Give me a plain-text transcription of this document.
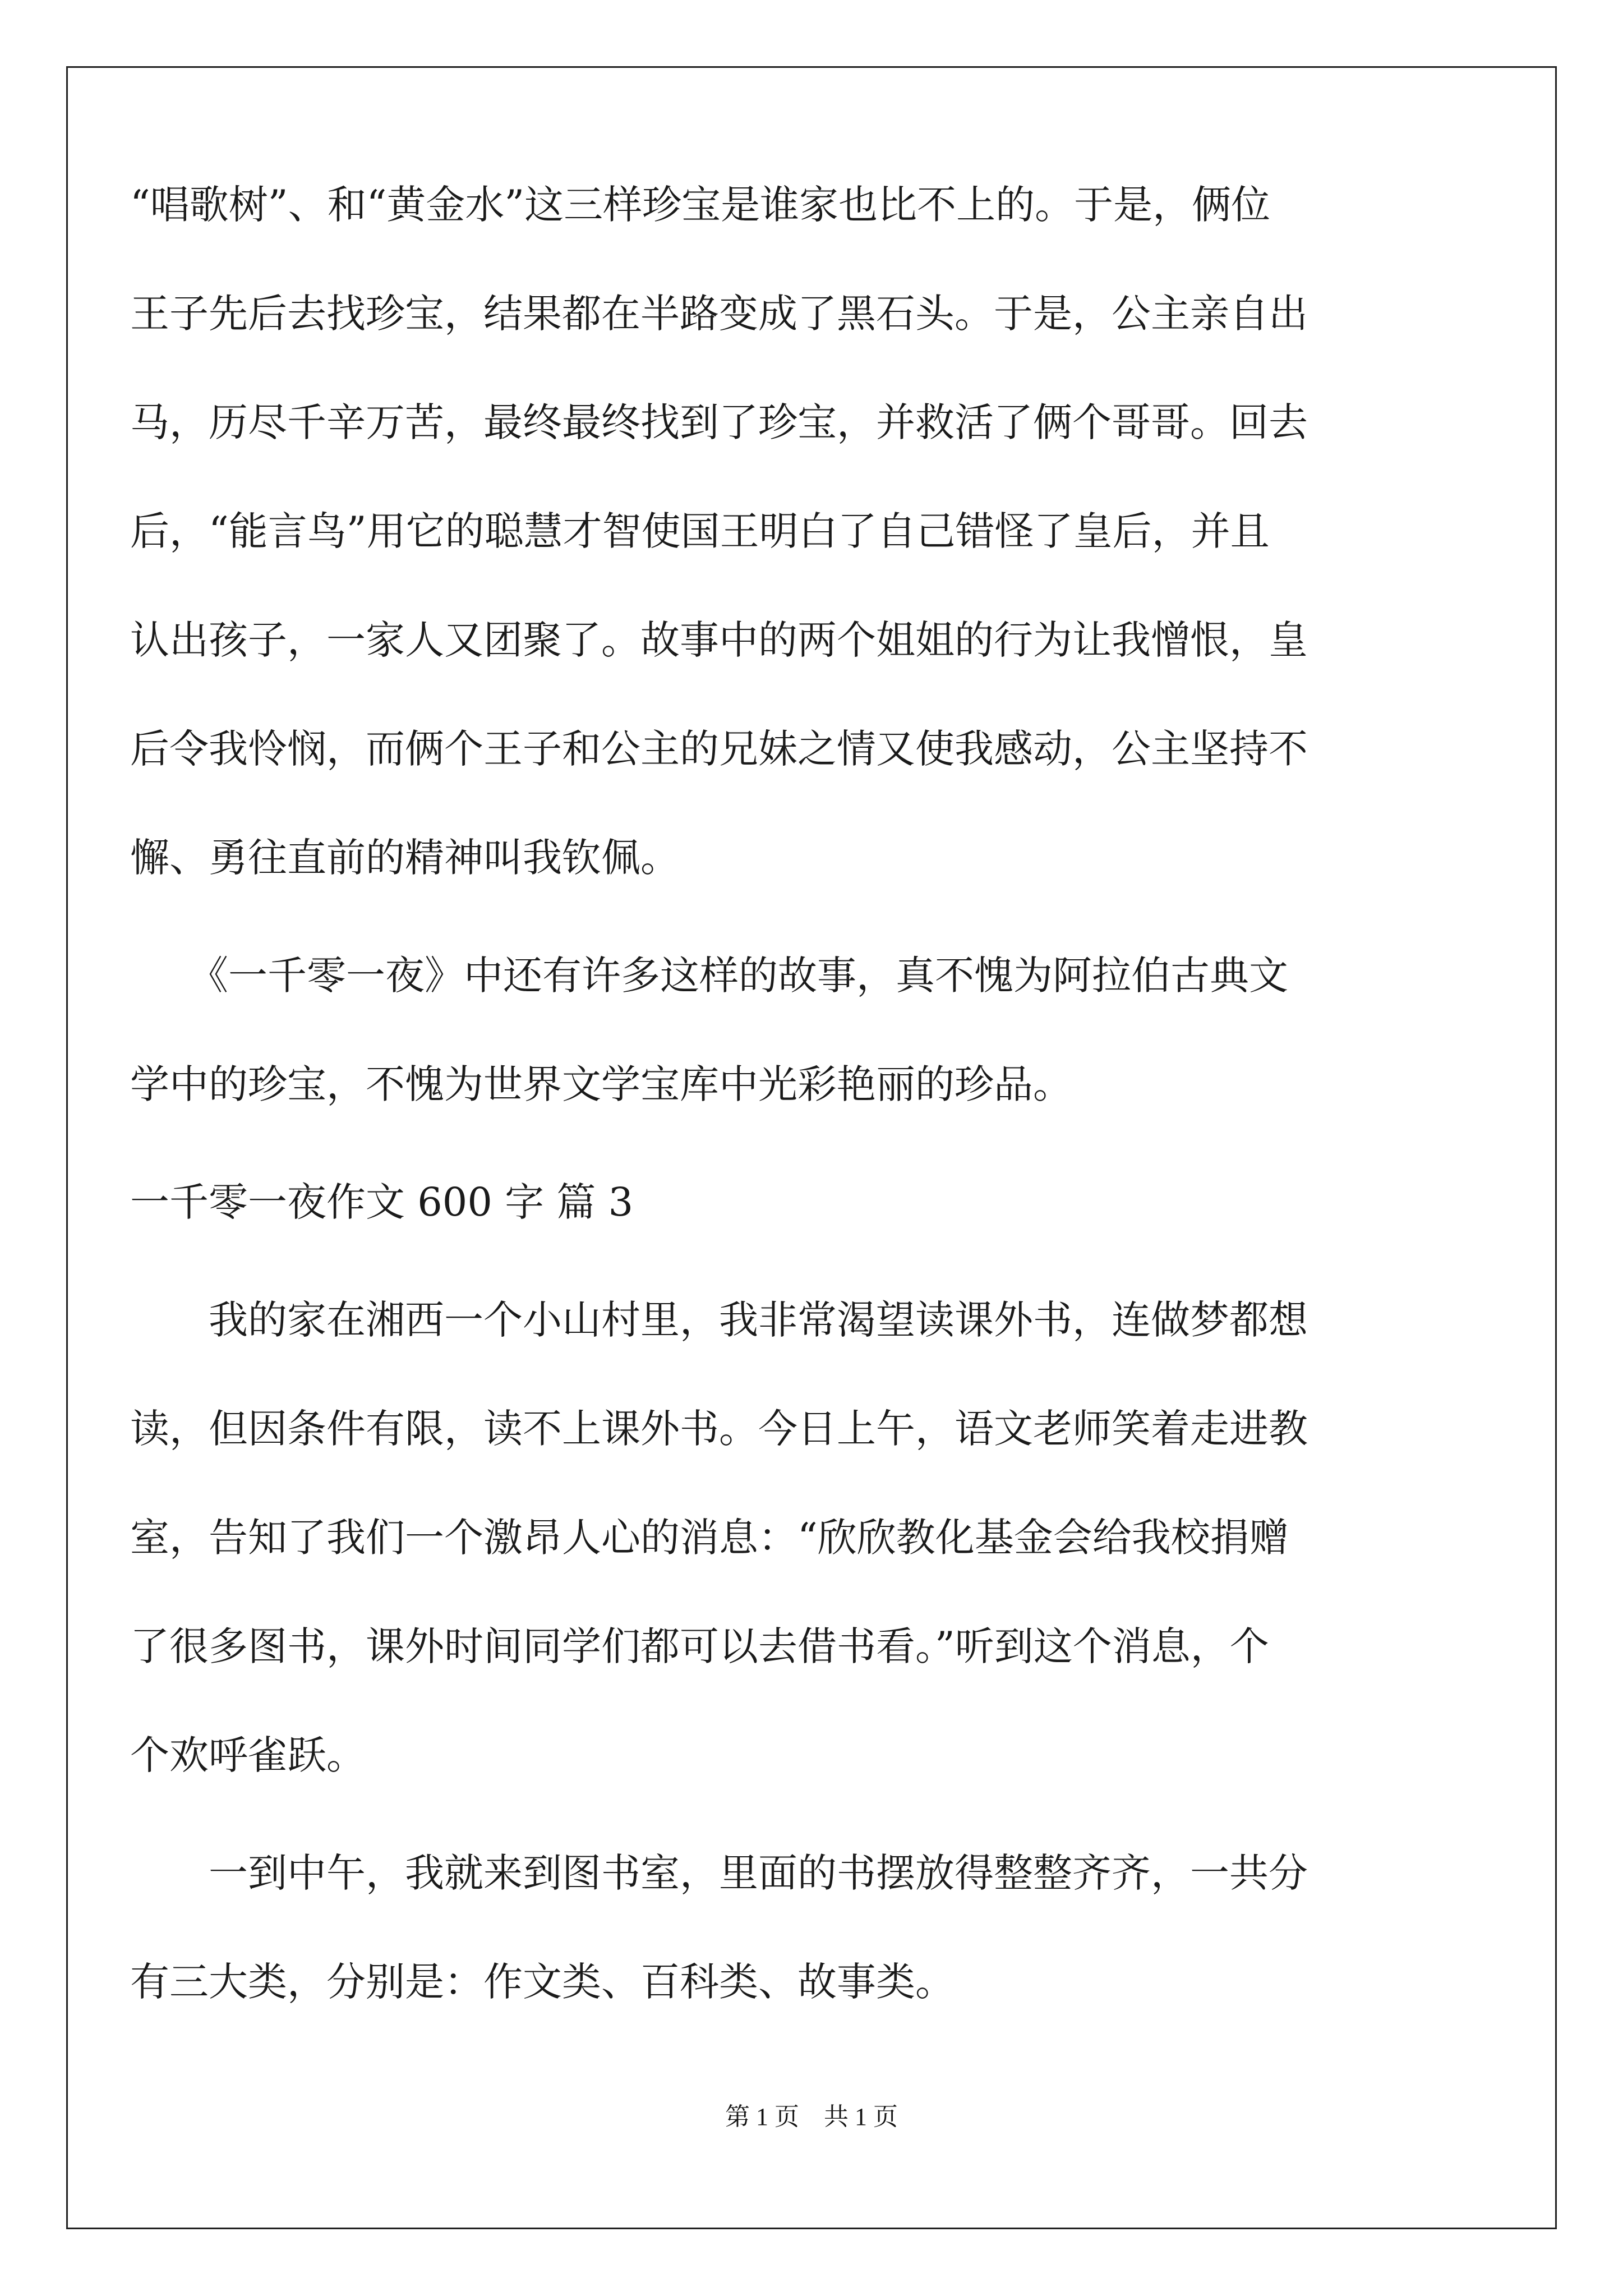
“唱歌树”、和“黄金水”这三样珍宝是谁家也比不上的。于是，俩位
王子先后去找珍宝，结果都在半路变成了黑石头。于是，公主亲自出
马，历尽千辛万苦，最终最终找到了珍宝，并救活了俩个哥哥。回去
后，“能言鸟”用它的聪慧才智使国王明白了自己错怪了皇后，并且
认出孩子，一家人又团聚了。故事中的两个姐姐的行为让我憎恨，皇
后令我怜悯，而俩个王子和公主的兄妹之情又使我感动，公主坚持不
懈、勇往直前的精神叫我钦佩。
　　《一千零一夜》中还有许多这样的故事，真不愧为阿拉伯古典文
学中的珍宝，不愧为世界文学宝库中光彩艳丽的珍品。
一千零一夜作文 600 字 篇 3
　　我的家在湘西一个小山村里，我非常渴望读课外书，连做梦都想
读，但因条件有限，读不上课外书。今日上午，语文老师笑着走进教
室，告知了我们一个激昂人心的消息：“欣欣教化基金会给我校捐赠
了很多图书，课外时间同学们都可以去借书看。”听到这个消息，个
个欢呼雀跃。
　　一到中午，我就来到图书室，里面的书摆放得整整齐齐，一共分
有三大类，分别是：作文类、百科类、故事类。
第 1 页　共 1 页
